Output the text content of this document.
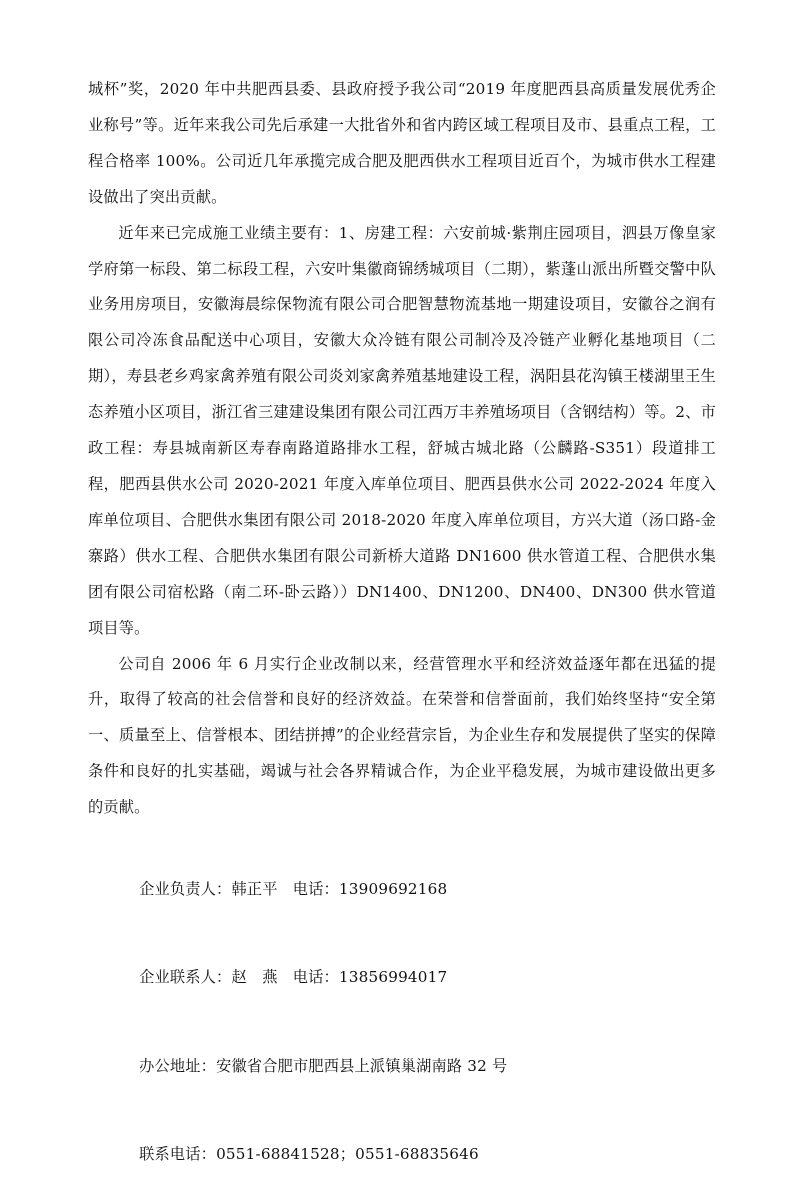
城杯”奖，2020 年中共肥西县委、县政府授予我公司“2019 年度肥西县高质量发展优秀企业称号”等。近年来我公司先后承建一大批省外和省内跨区域工程项目及市、县重点工程，工程合格率 100%。公司近几年承揽完成合肥及肥西供水工程项目近百个，为城市供水工程建设做出了突出贡献。

近年来已完成施工业绩主要有：1、房建工程：六安前城·紫荆庄园项目，泗县万像皇家学府第一标段、第二标段工程，六安叶集徽商锦绣城项目（二期），紫蓬山派出所暨交警中队业务用房项目，安徽海晨综保物流有限公司合肥智慧物流基地一期建设项目，安徽谷之润有限公司冷冻食品配送中心项目，安徽大众冷链有限公司制冷及冷链产业孵化基地项目（二期），寿县老乡鸡家禽养殖有限公司炎刘家禽养殖基地建设工程，涡阳县花沟镇王楼湖里王生态养殖小区项目，浙江省三建建设集团有限公司江西万丰养殖场项目（含钢结构）等。2、市政工程：寿县城南新区寿春南路道路排水工程，舒城古城北路（公麟路-S351）段道排工程，肥西县供水公司 2020-2021 年度入库单位项目、肥西县供水公司 2022-2024 年度入库单位项目、合肥供水集团有限公司 2018-2020 年度入库单位项目，方兴大道（汤口路-金寨路）供水工程、合肥供水集团有限公司新桥大道路 DN1600 供水管道工程、合肥供水集团有限公司宿松路（南二环-卧云路））DN1400、DN1200、DN400、DN300 供水管道项目等。

公司自 2006 年 6 月实行企业改制以来，经营管理水平和经济效益逐年都在迅猛的提升，取得了较高的社会信誉和良好的经济效益。在荣誉和信誉面前，我们始终坚持“安全第一、质量至上、信誉根本、团结拼搏”的企业经营宗旨，为企业生存和发展提供了坚实的保障条件和良好的扎实基础，竭诚与社会各界精诚合作，为企业平稳发展，为城市建设做出更多的贡献。

企业负责人：韩正平 电话：13909692168

企业联系人：赵　燕 电话：13856994017

办公地址：安徽省合肥市肥西县上派镇巢湖南路 32 号

联系电话：0551-68841528；0551-68835646
